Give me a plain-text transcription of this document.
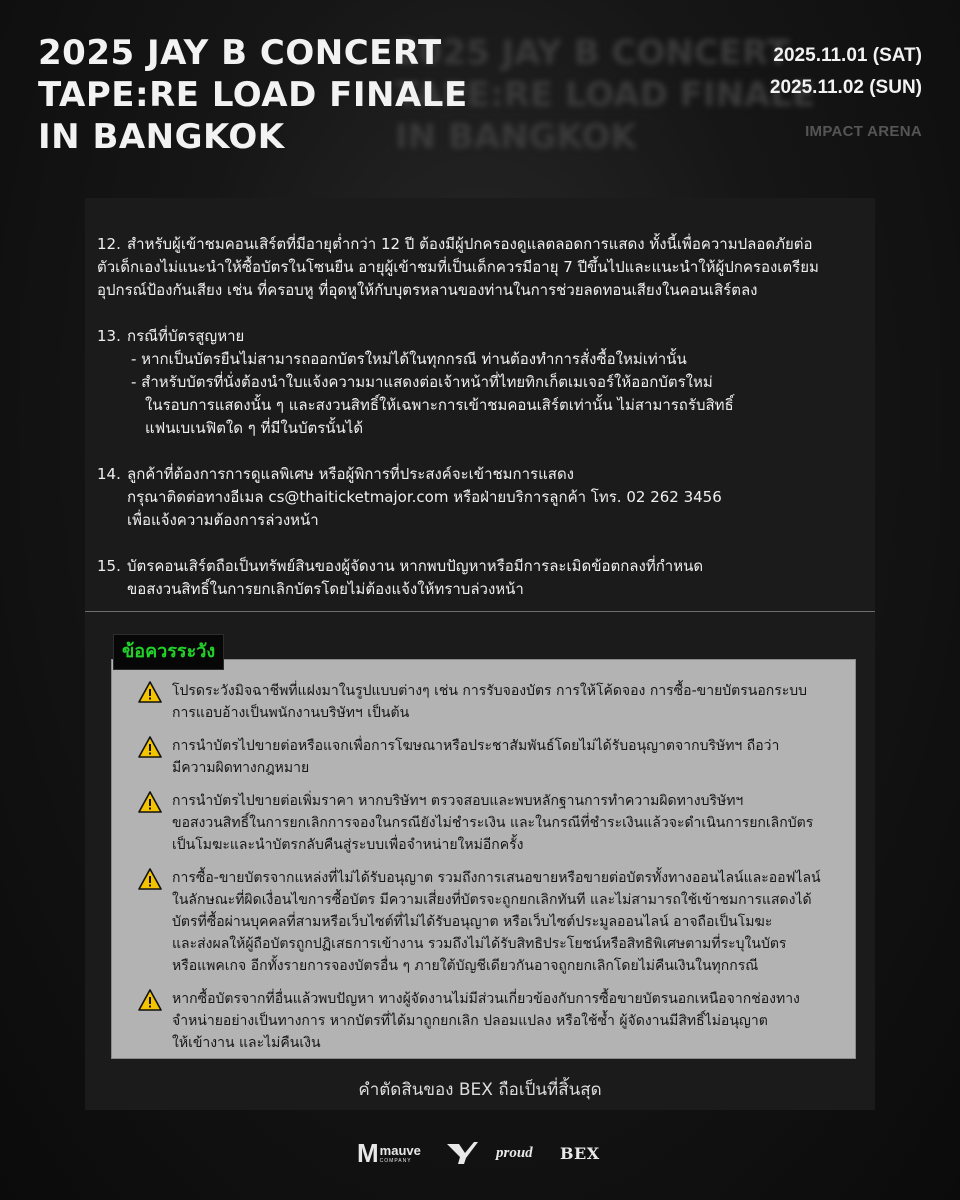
2025 JAY B CONCERT
TAPE:RE LOAD FINALE
IN BANGKOK
2025 JAY B CONCERT
TAPE:RE LOAD FINALE
IN BANGKOK
2025.11.01 (SAT)
2025.11.02 (SUN)
IMPACT ARENA
12. สำหรับผู้เข้าชมคอนเสิร์ตที่มีอายุต่ำกว่า 12 ปี ต้องมีผู้ปกครองดูแลตลอดการแสดง ทั้งนี้เพื่อความปลอดภัยต่อ
ตัวเด็กเองไม่แนะนำให้ซื้อบัตรในโซนยืน อายุผู้เข้าชมที่เป็นเด็กควรมีอายุ 7 ปีขึ้นไปและแนะนำให้ผู้ปกครองเตรียม
อุปกรณ์ป้องกันเสียง เช่น ที่ครอบหู ที่อุดหูให้กับบุตรหลานของท่านในการช่วยลดทอนเสียงในคอนเสิร์ตลง
13. กรณีที่บัตรสูญหาย
- หากเป็นบัตรยืนไม่สามารถออกบัตรใหม่ได้ในทุกกรณี ท่านต้องทำการสั่งซื้อใหม่เท่านั้น
- สำหรับบัตรที่นั่งต้องนำใบแจ้งความมาแสดงต่อเจ้าหน้าที่ไทยทิกเก็ตเมเจอร์ให้ออกบัตรใหม่
ในรอบการแสดงนั้น ๆ และสงวนสิทธิ์ให้เฉพาะการเข้าชมคอนเสิร์ตเท่านั้น ไม่สามารถรับสิทธิ์
แฟนเบเนฟิตใด ๆ ที่มีในบัตรนั้นได้
14. ลูกค้าที่ต้องการการดูแลพิเศษ หรือผู้พิการที่ประสงค์จะเข้าชมการแสดง
กรุณาติดต่อทางอีเมล cs@thaiticketmajor.com หรือฝ่ายบริการลูกค้า โทร. 02 262 3456
เพื่อแจ้งความต้องการล่วงหน้า
15. บัตรคอนเสิร์ตถือเป็นทรัพย์สินของผู้จัดงาน หากพบปัญหาหรือมีการละเมิดข้อตกลงที่กำหนด
ขอสงวนสิทธิ์ในการยกเลิกบัตรโดยไม่ต้องแจ้งให้ทราบล่วงหน้า
โปรดระวังมิจฉาชีพที่แฝงมาในรูปแบบต่างๆ เช่น การรับจองบัตร การให้โค้ดจอง การซื้อ-ขายบัตรนอกระบบ
การแอบอ้างเป็นพนักงานบริษัทฯ เป็นต้น
การนำบัตรไปขายต่อหรือแจกเพื่อการโฆษณาหรือประชาสัมพันธ์โดยไม่ได้รับอนุญาตจากบริษัทฯ ถือว่า
มีความผิดทางกฎหมาย
การนำบัตรไปขายต่อเพิ่มราคา หากบริษัทฯ ตรวจสอบและพบหลักฐานการทำความผิดทางบริษัทฯ
ขอสงวนสิทธิ์ในการยกเลิกการจองในกรณียังไม่ชำระเงิน และในกรณีที่ชำระเงินแล้วจะดำเนินการยกเลิกบัตร
เป็นโมฆะและนำบัตรกลับคืนสู่ระบบเพื่อจำหน่ายใหม่อีกครั้ง
การซื้อ-ขายบัตรจากแหล่งที่ไม่ได้รับอนุญาต รวมถึงการเสนอขายหรือขายต่อบัตรทั้งทางออนไลน์และออฟไลน์
ในลักษณะที่ผิดเงื่อนไขการซื้อบัตร มีความเสี่ยงที่บัตรจะถูกยกเลิกทันที และไม่สามารถใช้เข้าชมการแสดงได้
บัตรที่ซื้อผ่านบุคคลที่สามหรือเว็บไซต์ที่ไม่ได้รับอนุญาต หรือเว็บไซต์ประมูลออนไลน์ อาจถือเป็นโมฆะ
และส่งผลให้ผู้ถือบัตรถูกปฏิเสธการเข้างาน รวมถึงไม่ได้รับสิทธิประโยชน์หรือสิทธิพิเศษตามที่ระบุในบัตร
หรือแพคเกจ อีกทั้งรายการจองบัตรอื่น ๆ ภายใต้บัญชีเดียวกันอาจถูกยกเลิกโดยไม่คืนเงินในทุกกรณี
หากซื้อบัตรจากที่อื่นแล้วพบปัญหา ทางผู้จัดงานไม่มีส่วนเกี่ยวข้องกับการซื้อขายบัตรนอกเหนือจากช่องทาง
จำหน่ายอย่างเป็นทางการ หากบัตรที่ได้มาถูกยกเลิก ปลอมแปลง หรือใช้ซ้ำ ผู้จัดงานมีสิทธิ์ไม่อนุญาต
ให้เข้างาน และไม่คืนเงิน
ข้อควรระวัง
คำตัดสินของ BEX ถือเป็นที่สิ้นสุด
M mauve
COMPANY	proud BEX
